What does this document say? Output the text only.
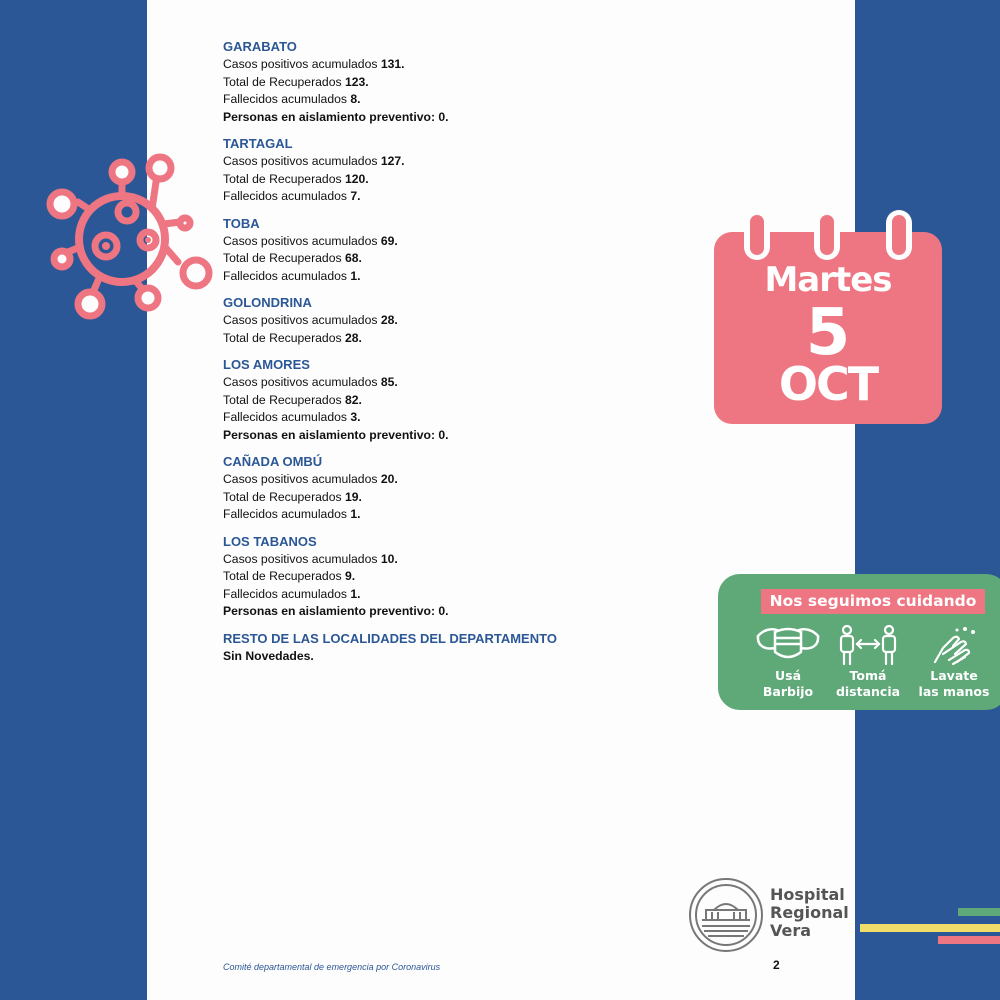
GARABATO

Casos positivos acumulados 131.

Total de Recuperados 123.

Fallecidos acumulados 8.

Personas en aislamiento preventivo: 0.

TARTAGAL

Casos positivos acumulados 127.

Total de Recuperados 120.

Fallecidos acumulados 7.

TOBA

Casos positivos acumulados 69.

Total de Recuperados 68.

Fallecidos acumulados 1.

GOLONDRINA

Casos positivos acumulados 28.

Total de Recuperados 28.

LOS AMORES

Casos positivos acumulados 85.

Total de Recuperados 82.

Fallecidos acumulados 3.

Personas en aislamiento preventivo: 0.

CAÑADA OMBÚ

Casos positivos acumulados 20.

Total de Recuperados 19.

Fallecidos acumulados 1.

LOS TABANOS

Casos positivos acumulados 10.

Total de Recuperados 9.

Fallecidos acumulados 1.

Personas en aislamiento preventivo: 0.

RESTO DE LAS LOCALIDADES DEL DEPARTAMENTO

Sin Novedades.

Martes
5
OCT
Nos seguimos cuidando
Usá
Barbijo
Tomá
distancia
Lavate
las manos
Hospital
Regional
Vera
Comité departamental de emergencia por Coronavirus	2
